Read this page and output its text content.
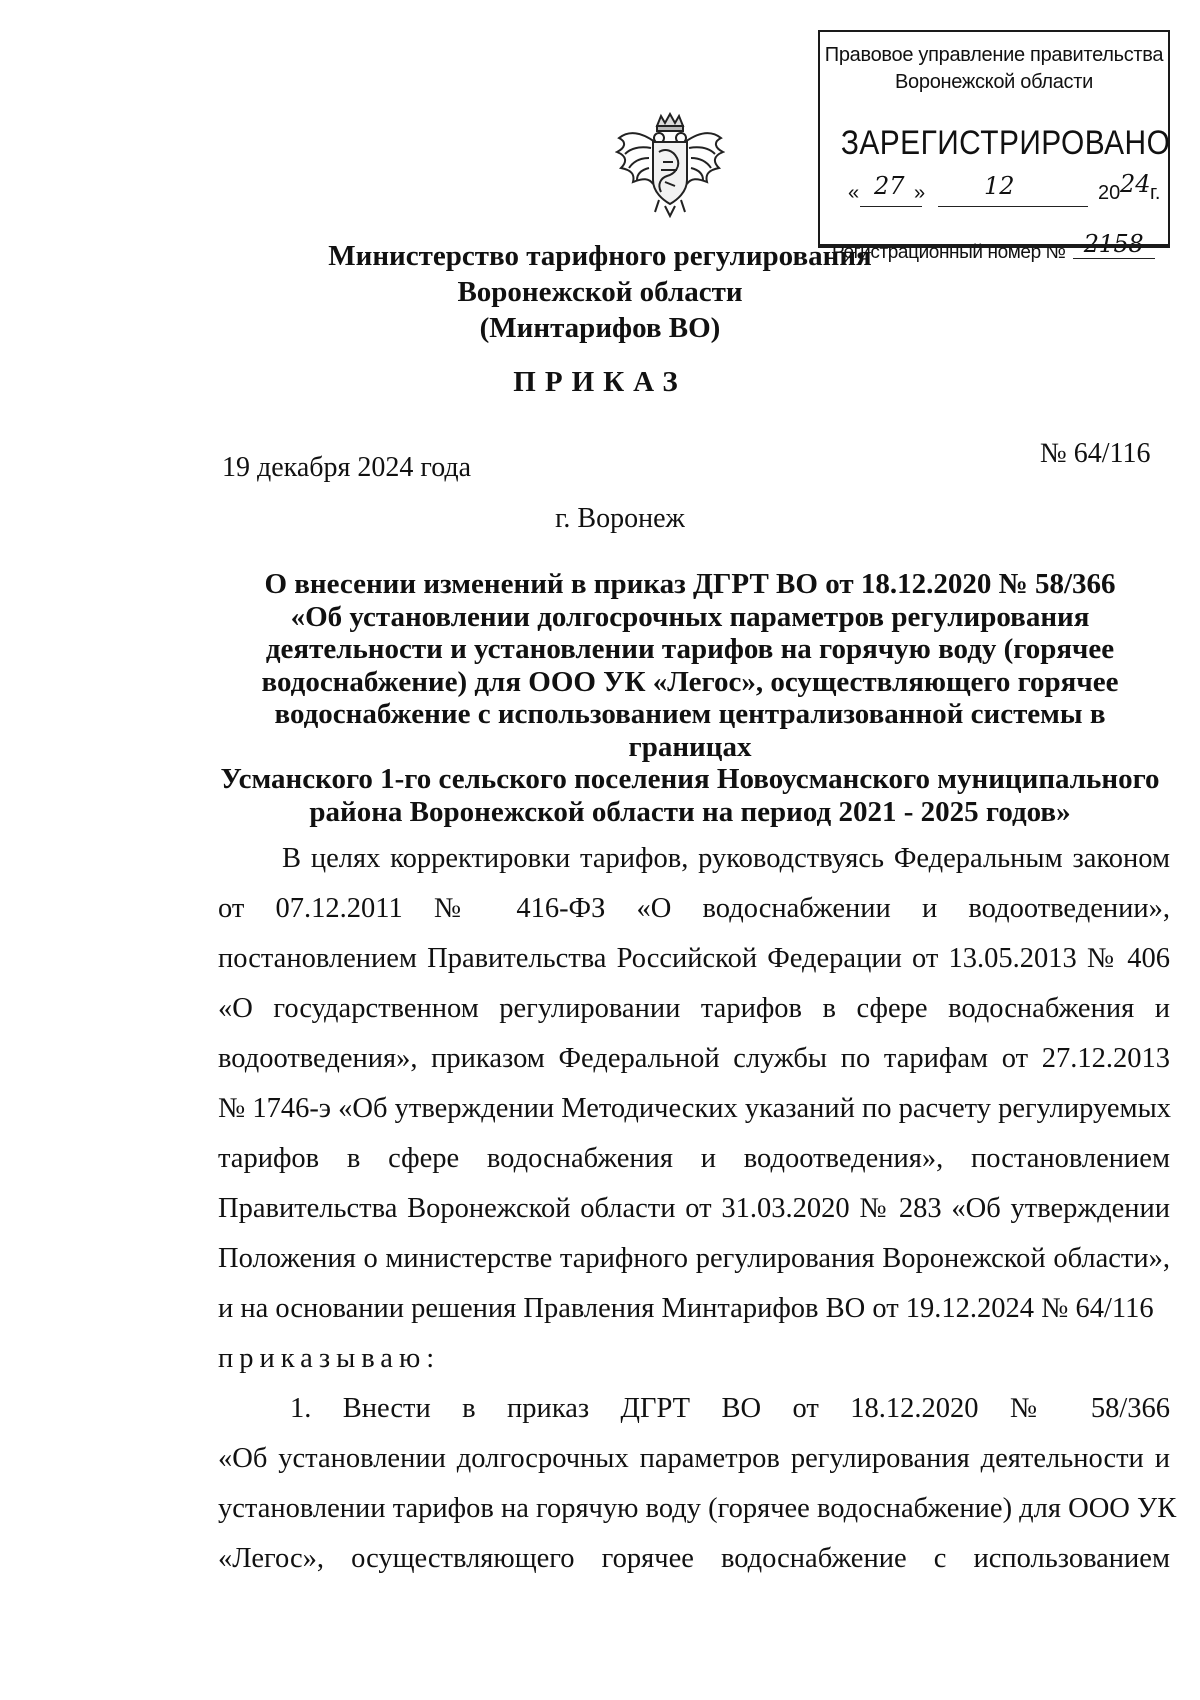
Правовое управление правительства
Воронежской области
ЗАРЕГИСТРИРОВАНО
« 27 » 12	20 24 г.
Регистрационный номер № 2158
Министерство тарифного регулирования
Воронежской области
(Минтарифов ВО)
ПРИКАЗ
19 декабря 2024 года	№ 64/116
г. Воронеж
О внесении изменений в приказ ДГРТ ВО от 18.12.2020 № 58/366
«Об установлении долгосрочных параметров регулирования
деятельности и установлении тарифов на горячую воду (горячее
водоснабжение) для ООО УК «Легос», осуществляющего горячее
водоснабжение с использованием централизованной системы в границах
Усманского 1-го сельского поселения Новоусманского муниципального
района Воронежской области на период 2021 - 2025 годов»
В целях корректировки тарифов, руководствуясь Федеральным законом
от 07.12.2011 № 416-ФЗ «О водоснабжении и водоотведении»,
постановлением Правительства Российской Федерации от 13.05.2013 № 406
«О государственном регулировании тарифов в сфере водоснабжения и
водоотведения», приказом Федеральной службы по тарифам от 27.12.2013
№ 1746-э «Об утверждении Методических указаний по расчету регулируемых
тарифов в сфере водоснабжения и водоотведения», постановлением
Правительства Воронежской области от 31.03.2020 № 283 «Об утверждении
Положения о министерстве тарифного регулирования Воронежской области»,
и на основании решения Правления Минтарифов ВО от 19.12.2024 № 64/116
приказываю:
1. Внести в приказ ДГРТ ВО от 18.12.2020 № 58/366
«Об установлении долгосрочных параметров регулирования деятельности и
установлении тарифов на горячую воду (горячее водоснабжение) для ООО УК
«Легос», осуществляющего горячее водоснабжение с использованием
